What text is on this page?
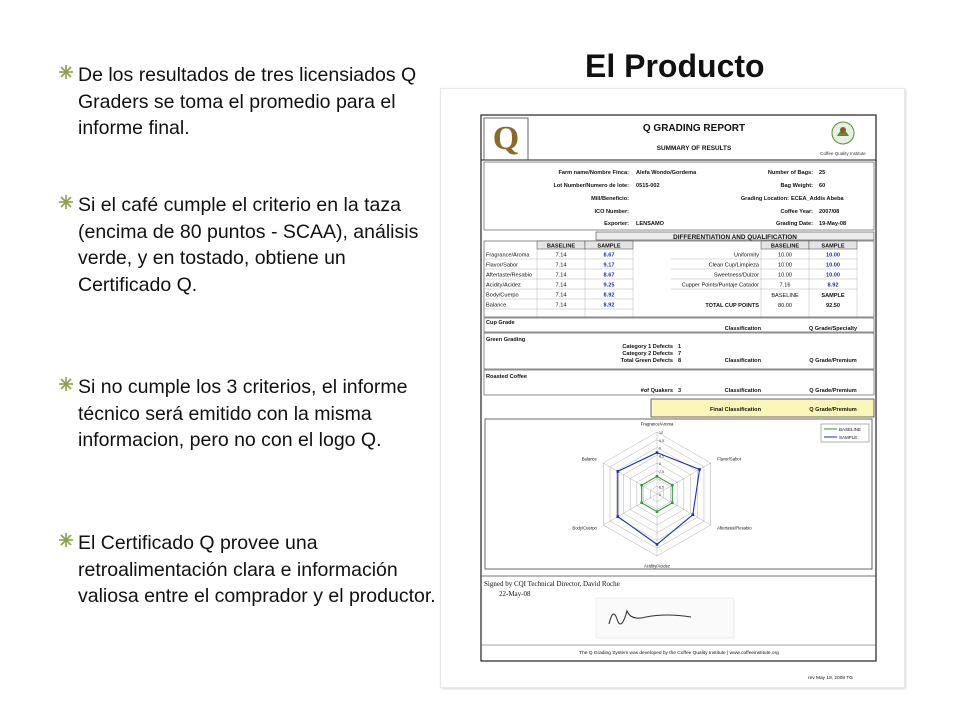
El Producto
De los resultados de tres licensiados Q Graders se toma el promedio para el informe final.
Si el café cumple el criterio en la taza (encima de 80 puntos - SCAA), análisis verde, y en tostado, obtiene un Certificado Q.
Si no cumple los 3 criterios, el informe técnico será emitido con la misma informacion, pero no con el logo Q.
El Certificado Q provee una retroalimentación clara e información valiosa entre el comprador y el productor.
Q	Q GRADING REPORT
SUMMARY OF RESULTS
Coffee Quality Institute
Farm name/Nombre Finca: Alefa Wondo/Gordema
Lot Number/Numero de lote: 0515-002
Mill/Beneficio:
ICO Number:
Exporter: LENSAMO
Number of Bags: 25
Bag Weight: 60
Grading Location: ECEA_Addis Abeba
Coffee Year: 2007/08
Grading Date: 19-May-08
DIFFERENTIATION AND QUALIFICATION
BASELINE	SAMPLE	BASELINE	SAMPLE
Fragrance/Aroma	7.14	8.67
Flavor/Sabor	7.14	9.17
Aftertaste/Resabio	7.14	8.67
Acidity/Acidez	7.14	9.25
Body/Cuerpo	7.14	8.92
Balance	7.14	8.92
Uniformity	10.00	10.00
Clean Cup/Limpieza	10.00	10.00
Sweetness/Dulzor	10.00	10.00
Cupper Points/Puntaje Catador	7.16	8.92
BASELINE	SAMPLE
TOTAL CUP POINTS	80.00	92.50
Cup Grade
Classification	Q Grade/Specialty
Green Grading
Category 1 Defects 1
Category 2 Defects 7
Total Green Defects 8	Classification	Q Grade/Premium
Roasted Coffee
#of Quakers 3	Classification	Q Grade/Premium
Final Classification	Q Grade/Premium
10
9.5
9
8.5
8
7.5
7
6.5
6
Fragrance/Aroma
Flavor/Sabor
Aftertaste/Resabio
Acidity/Acidez
Body/Cuerpo
Balance
BASELINE
SAMPLE
Signed by CQI Technical Director, David Roche
22-May-08
The Q Grading System was developed by the Coffee Quality Institute | www.coffeeinstitute.org
rev May 18, 2008 TG
